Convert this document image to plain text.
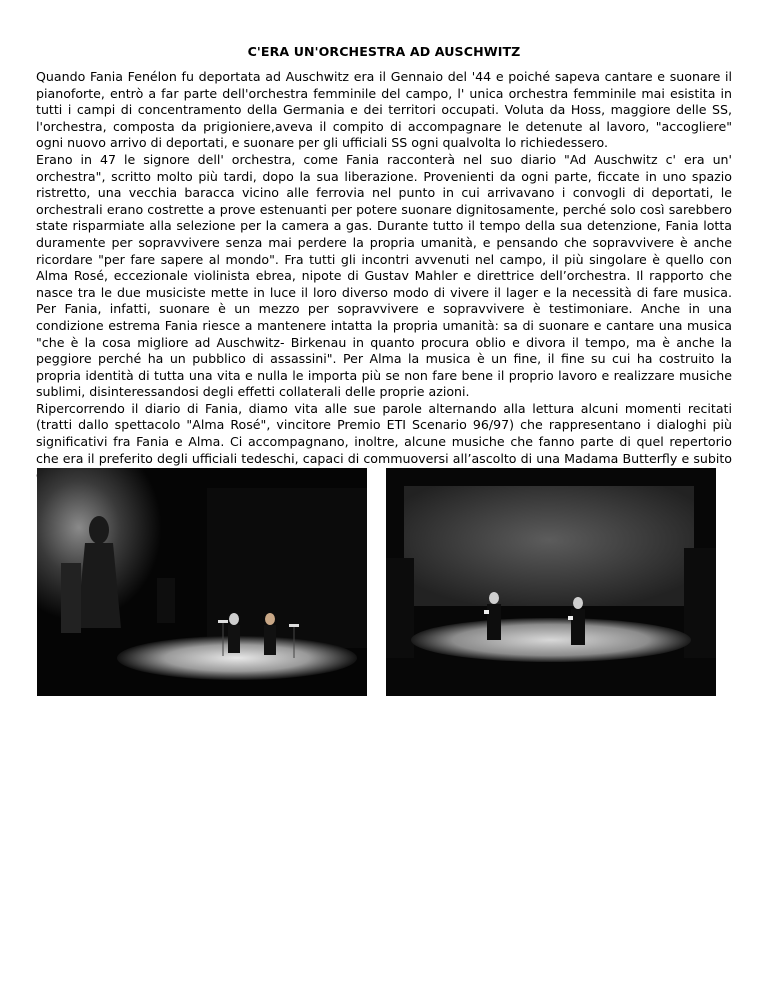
C'ERA UN'ORCHESTRA AD AUSCHWITZ

Quando Fania Fenélon fu deportata ad Auschwitz era il Gennaio del '44 e poiché sapeva cantare e suonare il pianoforte, entrò a far parte dell'orchestra femminile del campo, l' unica orchestra femminile mai esistita in tutti i campi di concentramento della Germania e dei territori occupati. Voluta da Hoss, maggiore delle SS, l'orchestra, composta da prigioniere,aveva il compito di accompagnare le detenute al lavoro, "accogliere" ogni nuovo arrivo di deportati, e suonare per gli ufficiali SS ogni qualvolta lo richiedessero.

Erano in 47 le signore dell' orchestra, come Fania racconterà nel suo diario "Ad Auschwitz c' era un' orchestra", scritto molto più tardi, dopo la sua liberazione. Provenienti da ogni parte, ficcate in uno spazio ristretto, una vecchia baracca vicino alle ferrovia nel punto in cui arrivavano i convogli di deportati, le orchestrali erano costrette a prove estenuanti per potere suonare dignitosamente, perché solo così sarebbero state risparmiate alla selezione per la camera a gas. Durante tutto il tempo della sua detenzione, Fania lotta duramente per sopravvivere senza mai perdere la propria umanità, e pensando che sopravvivere è anche ricordare "per fare sapere al mondo". Fra tutti gli incontri avvenuti nel campo, il più singolare è quello con Alma Rosé, eccezionale violinista ebrea, nipote di Gustav Mahler e direttrice dell’orchestra. Il rapporto che nasce tra le due musiciste mette in luce il loro diverso modo di vivere il lager e la necessità di fare musica. Per Fania, infatti, suonare è un mezzo per sopravvivere e sopravvivere è testimoniare. Anche in una condizione estrema Fania riesce a mantenere intatta la propria umanità: sa di suonare e cantare una musica "che è la cosa migliore ad Auschwitz- Birkenau in quanto procura oblio e divora il tempo, ma è anche la peggiore perché ha un pubblico di assassini". Per Alma la musica è un fine, il fine su cui ha costruito la propria identità di tutta una vita e nulla le importa più se non fare bene il proprio lavoro e realizzare musiche sublimi, disinteressandosi degli effetti collaterali delle proprie azioni.

Ripercorrendo il diario di Fania, diamo vita alle sue parole alternando alla lettura alcuni momenti recitati (tratti dallo spettacolo "Alma Rosé", vincitore Premio ETI Scenario 96/97) che rappresentano i dialoghi più significativi fra Fania e Alma. Ci accompagnano, inoltre, alcune musiche che fanno parte di quel repertorio che era il preferito degli ufficiali tedeschi, capaci di commuoversi all’ascolto di una Madama Butterfly e subito
